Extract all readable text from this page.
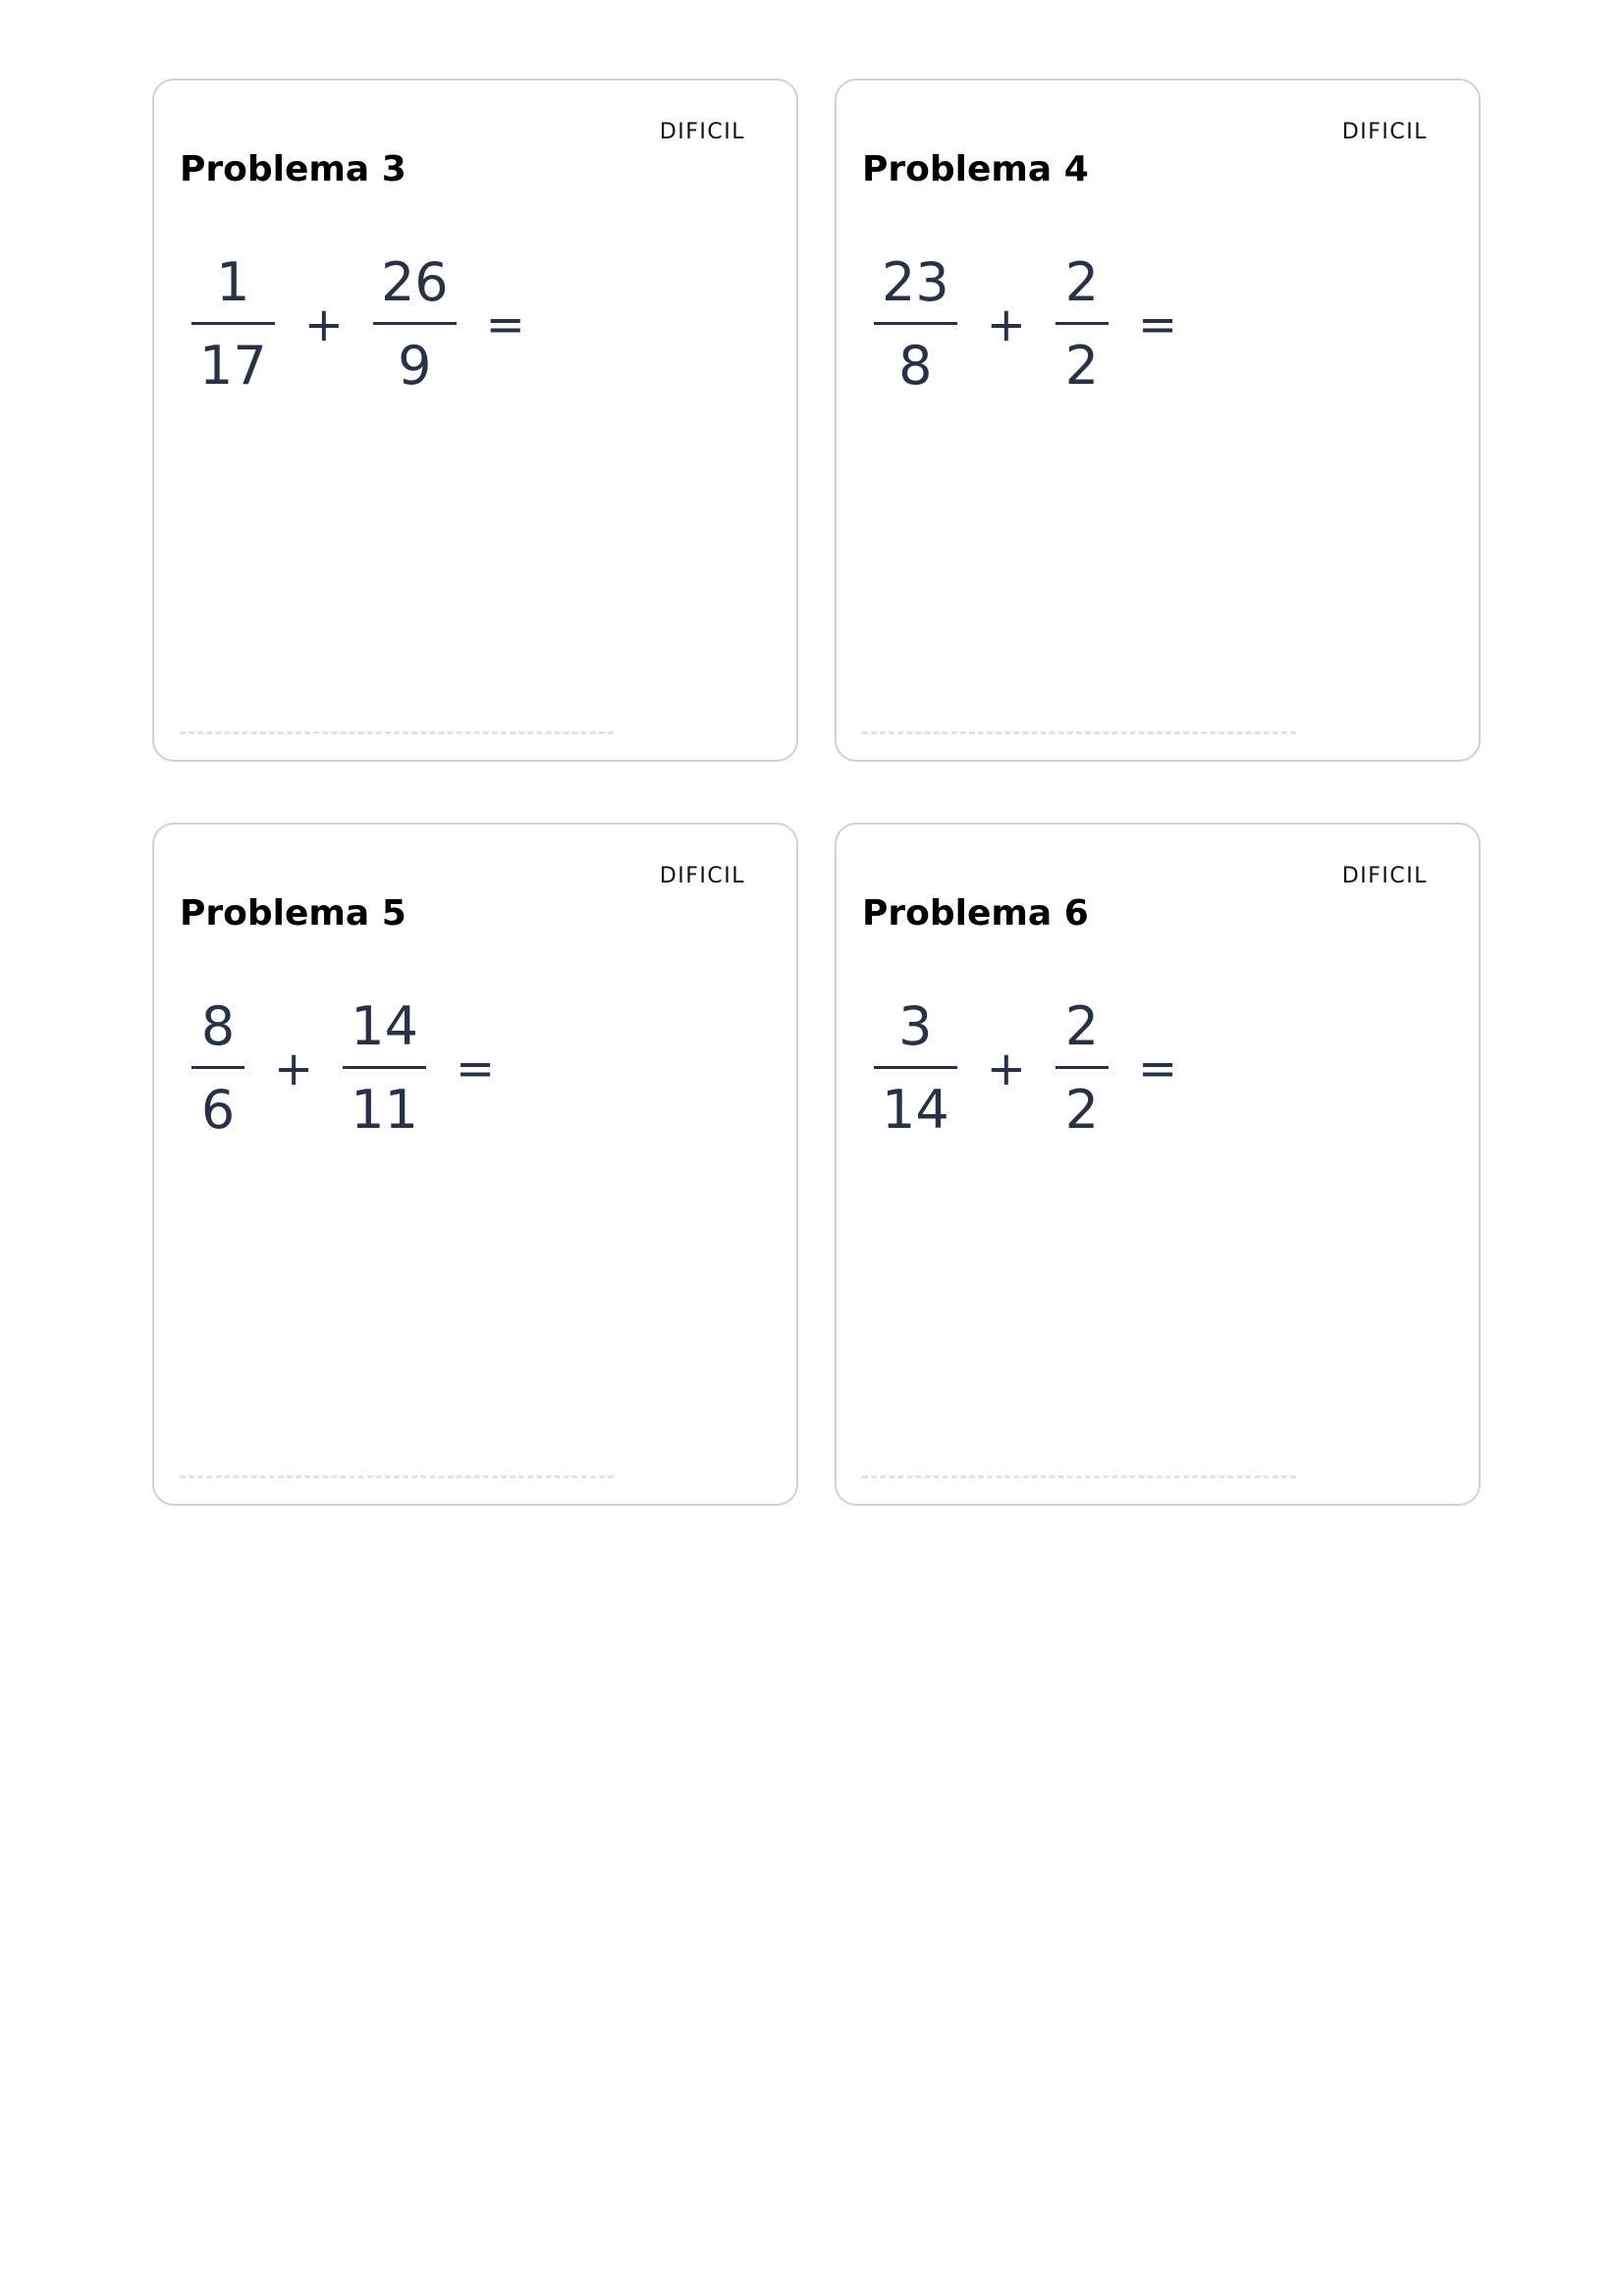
DIFICIL
Problema 3
$\frac{1}{17} + \frac{26}{9}$ =
DIFICIL
Problema 4
$\frac{23}{8} + \frac{2}{2}$ =
DIFICIL
Problema 5
$\frac{8}{6} + \frac{14}{11}$ =
DIFICIL
Problema 6
$\frac{3}{14} + \frac{2}{2}$ =
